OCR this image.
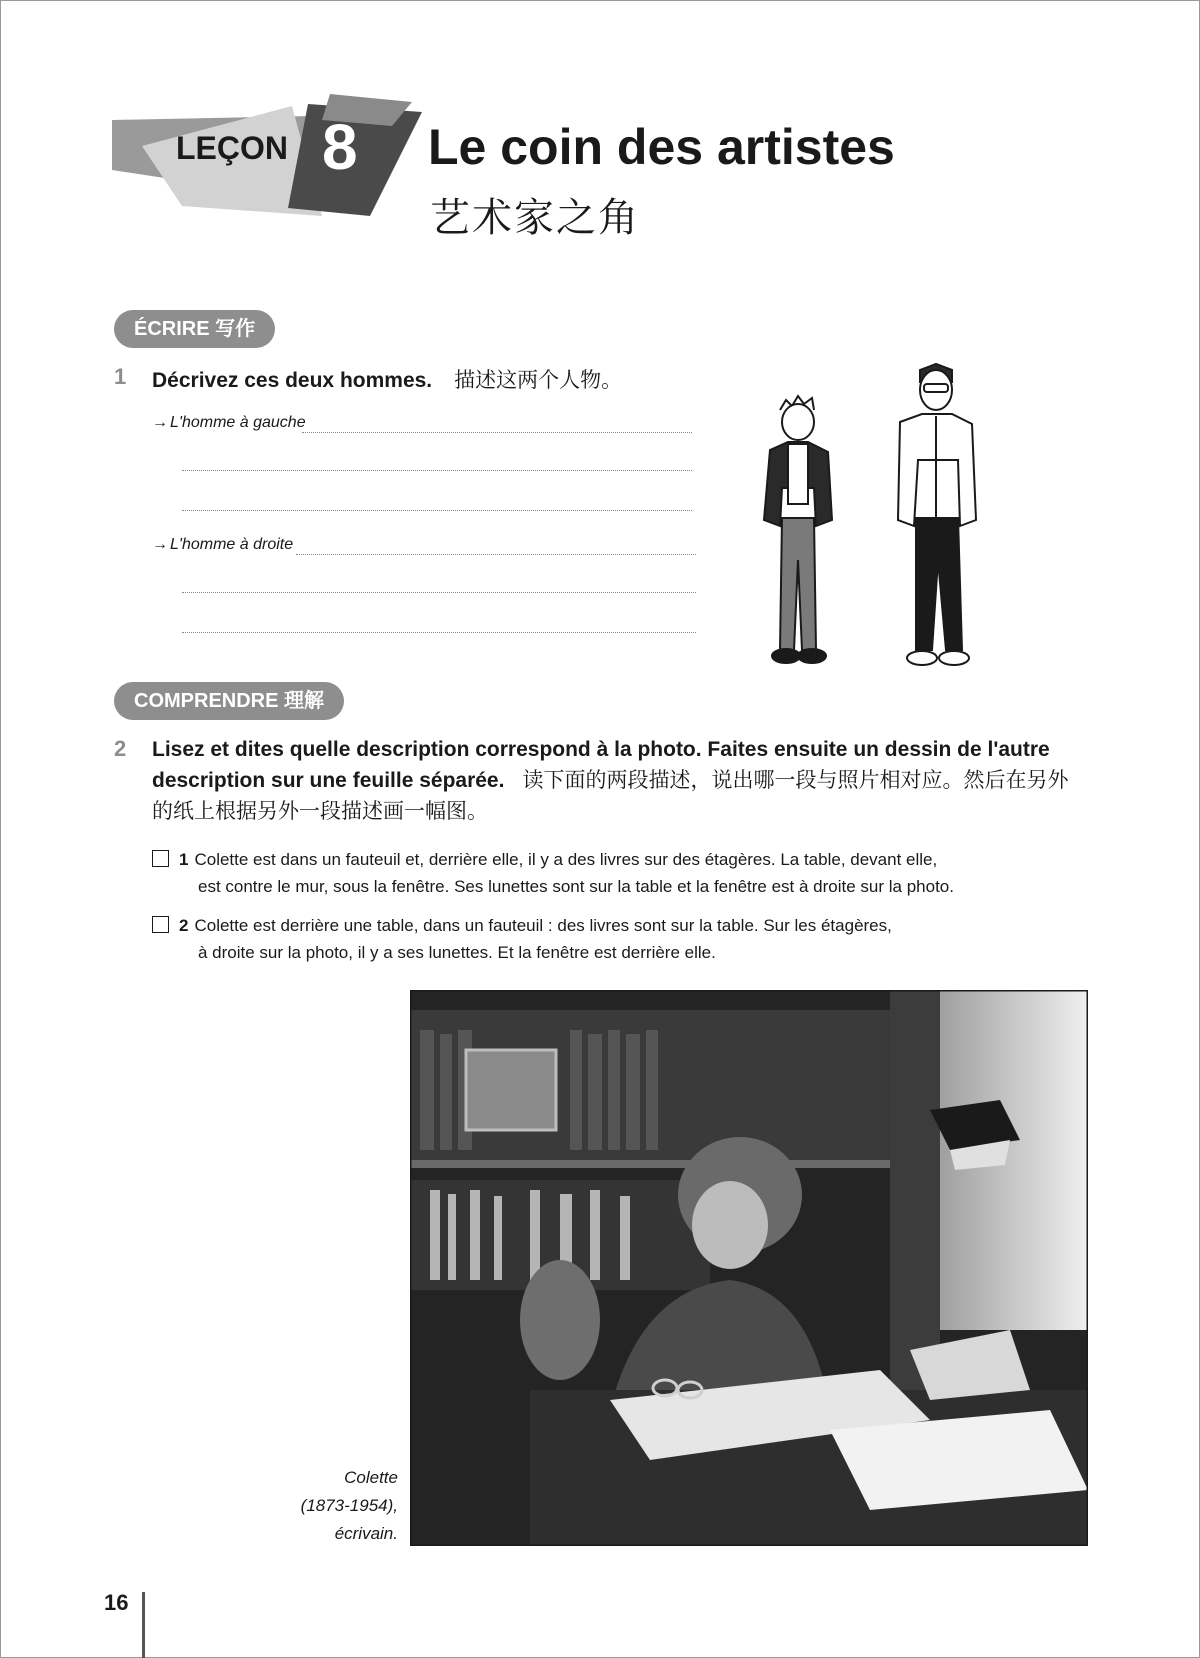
LEÇON 8 Le coin des artistes
艺术家之角
ÉCRIRE 写作
1 Décrivez ces deux hommes. 描述这两个人物。
→ L'homme à gauche
→ L'homme à droite
COMPRENDRE 理解
2 Lisez et dites quelle description correspond à la photo. Faites ensuite un dessin de l'autre description sur une feuille séparée. 读下面的两段描述，说出哪一段与照片相对应。然后在另外的纸上根据另外一段描述画一幅图。
1 Colette est dans un fauteuil et, derrière elle, il y a des livres sur des étagères. La table, devant elle,
est contre le mur, sous la fenêtre. Ses lunettes sont sur la table et la fenêtre est à droite sur la photo.
2 Colette est derrière une table, dans un fauteuil : des livres sont sur la table. Sur les étagères,
à droite sur la photo, il y a ses lunettes. Et la fenêtre est derrière elle.
Colette
(1873-1954),
écrivain.
16
